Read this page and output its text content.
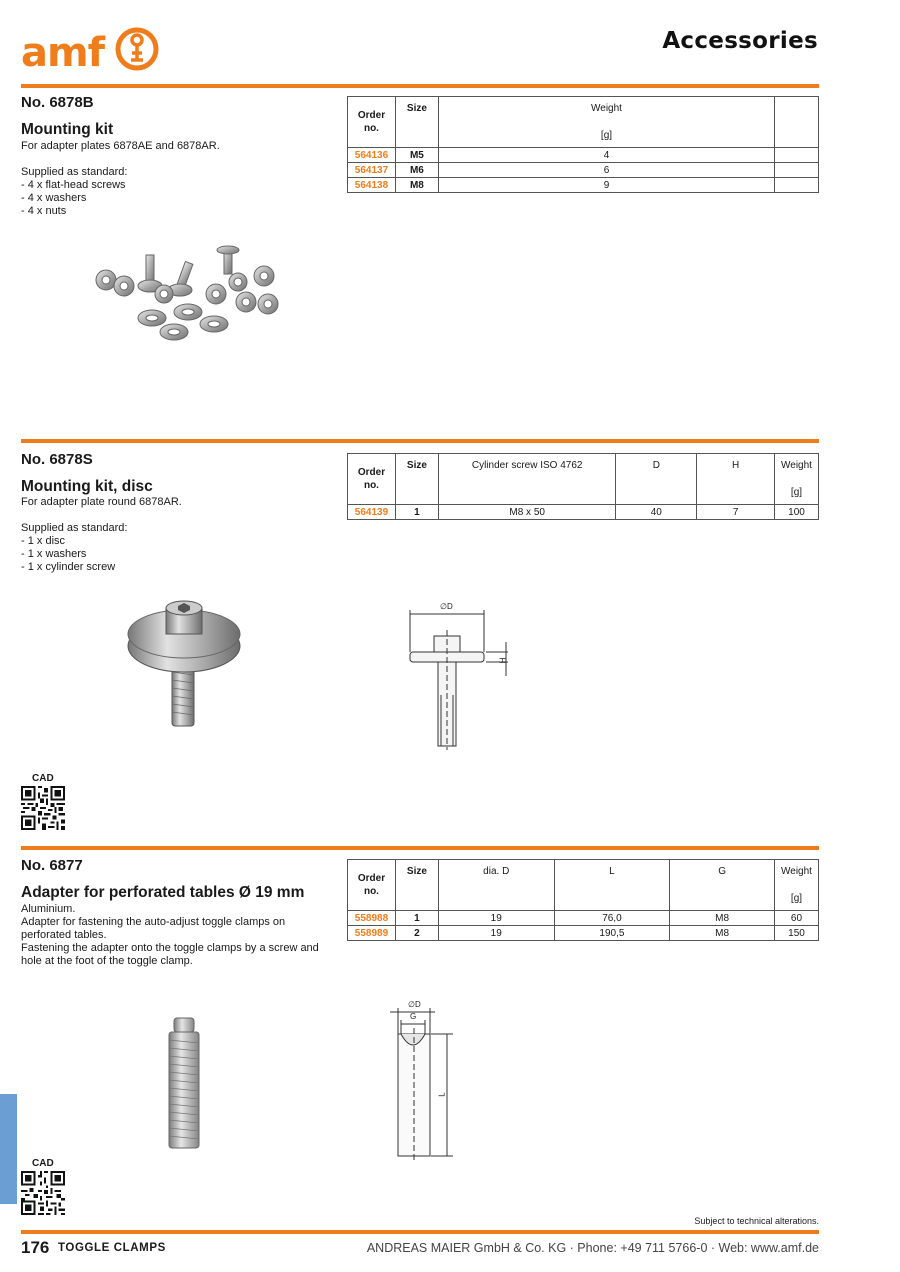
amf	Accessories
No. 6878B
Mounting kit
For adapter plates 6878AE and 6878AR.
Supplied as standard:
- 4 x flat-head screws
- 4 x washers
- 4 x nuts
Order no.	Size	Weight
[g]	

564136	M5	4	
564137	M6	6	
564138	M8	9	
No. 6878S
Mounting kit, disc
For adapter plate round 6878AR.
Supplied as standard:
- 1 x disc
- 1 x washers
- 1 x cylinder screw
Order no.	Size	Cylinder screw ISO 4762	D	H	Weight
[g]

564139	1	M8 x 50	40	7	100
∅D
H
CAD
No. 6877
Adapter for perforated tables Ø 19 mm
Aluminium.
Adapter for fastening the auto-adjust toggle clamps on perforated tables.
Fastening the adapter onto the toggle clamps by a screw and hole at the foot of the toggle clamp.
Order no.	Size	dia. D	L	G	Weight
[g]

558988	1	19	76,0	M8	60
558989	2	19	190,5	M8	150
∅D
G
L
CAD
Subject to technical alterations.
176 TOGGLE CLAMPS	ANDREAS MAIER GmbH & Co. KG · Phone: +49 711 5766-0 · Web: www.amf.de
